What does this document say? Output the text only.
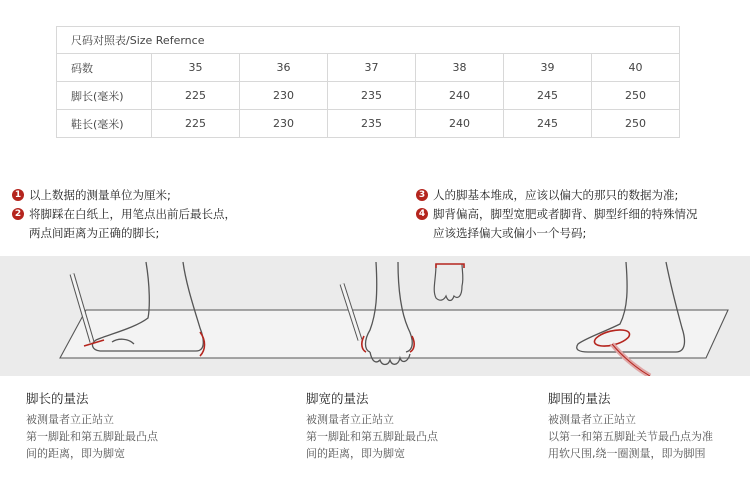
尺码对照表/Size Refernce						
码数	35	36	37	38	39	40
脚长(毫米)	225	230	235	240	245	250
鞋长(毫米)	225	230	235	240	245	250
1 以上数据的测量单位为厘米;
2 将脚踩在白纸上，用笔点出前后最长点，
两点间距离为正确的脚长;
3 人的脚基本堆成，应该以偏大的那只的数据为准;
4 脚背偏高，脚型宽肥或者脚背、脚型纤细的特殊情况
应该选择偏大或偏小一个号码;
脚长的量法
被测量者立正站立
第一脚趾和第五脚趾最凸点
间的距离，即为脚宽
脚宽的量法
被测量者立正站立
第一脚趾和第五脚趾最凸点
间的距离，即为脚宽
脚围的量法
被测量者立正站立
以第一和第五脚趾关节最凸点为准
用软尺围,绕一圈测量，即为脚围
